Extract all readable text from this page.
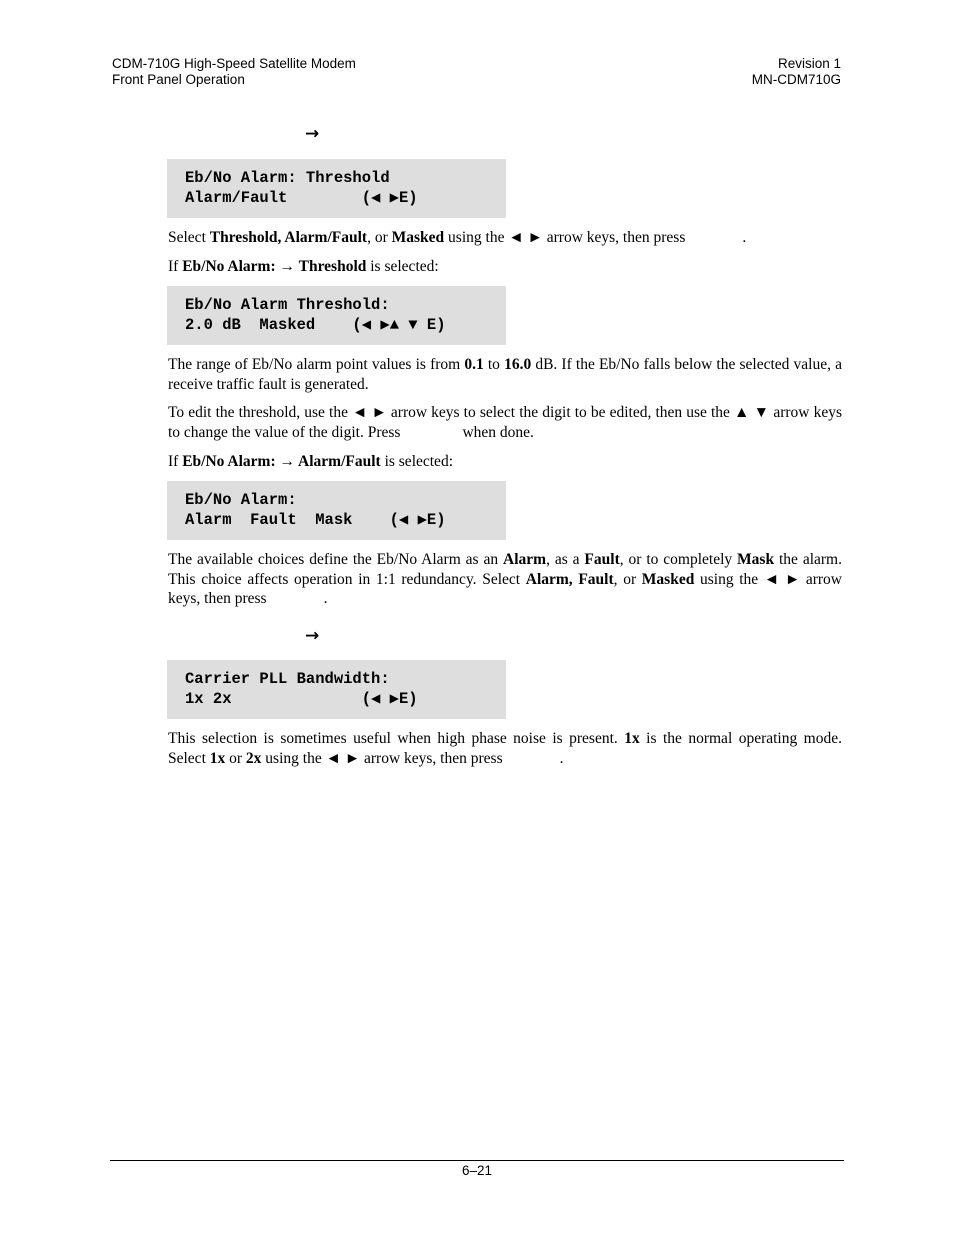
CDM-710G High-Speed Satellite Modem
Front Panel Operation
Revision 1
MN-CDM710G
→
Eb/No Alarm: Threshold
Alarm/Fault        (◀ ▶E)
Select Threshold, Alarm/Fault, or Masked using the ◄ ► arrow keys, then press	.
If Eb/No Alarm: → Threshold is selected:
Eb/No Alarm Threshold:
2.0 dB  Masked    (◀ ▶▲ ▼ E)
The range of Eb/No alarm point values is from 0.1 to 16.0 dB. If the Eb/No falls below the selected value, a receive traffic fault is generated.
To edit the threshold, use the ◄ ► arrow keys to select the digit to be edited, then use the ▲ ▼ arrow keys to change the value of the digit. Press	when done.
If Eb/No Alarm: → Alarm/Fault is selected:
Eb/No Alarm:
Alarm  Fault  Mask    (◀ ▶E)
The available choices define the Eb/No Alarm as an Alarm, as a Fault, or to completely Mask the alarm. This choice affects operation in 1:1 redundancy. Select Alarm, Fault, or Masked using the ◄ ► arrow keys, then press	.
→
Carrier PLL Bandwidth:
1x 2x              (◀ ▶E)
This selection is sometimes useful when high phase noise is present. 1x is the normal operating mode. Select 1x or 2x using the ◄ ► arrow keys, then press	.
6–21
